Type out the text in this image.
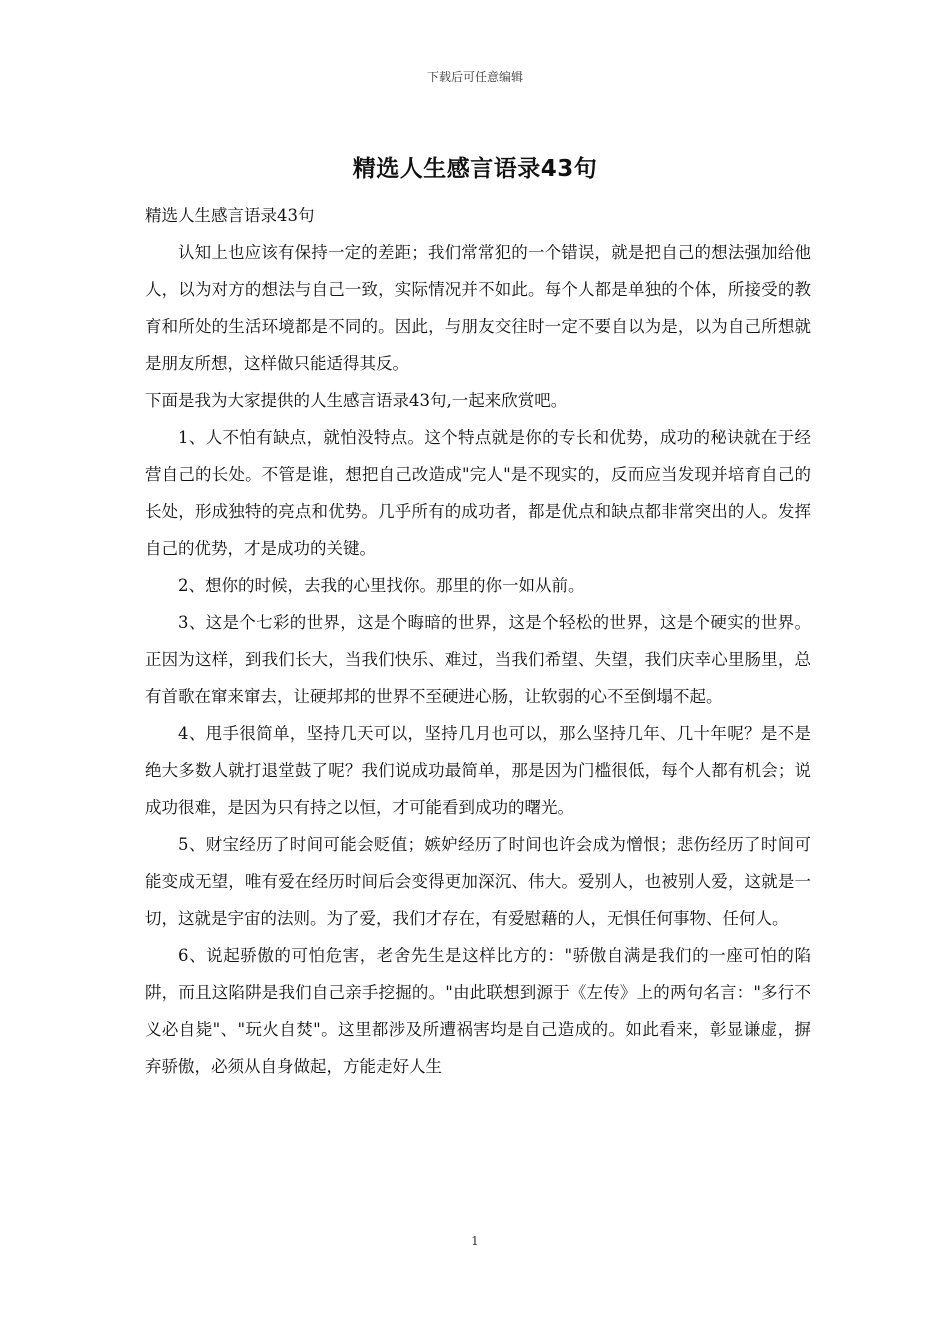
下载后可任意编辑
精选人生感言语录43句

精选人生感言语录43句

认知上也应该有保持一定的差距；我们常常犯的一个错误，就是把自己的想法强加给他人，以为对方的想法与自己一致，实际情况并不如此。每个人都是单独的个体，所接受的教育和所处的生活环境都是不同的。因此，与朋友交往时一定不要自以为是，以为自己所想就是朋友所想，这样做只能适得其反。

下面是我为大家提供的人生感言语录43句,一起来欣赏吧。

1、人不怕有缺点，就怕没特点。这个特点就是你的专长和优势，成功的秘诀就在于经营自己的长处。不管是谁，想把自己改造成"完人"是不现实的，反而应当发现并培育自己的长处，形成独特的亮点和优势。几乎所有的成功者，都是优点和缺点都非常突出的人。发挥自己的优势，才是成功的关键。

2、想你的时候，去我的心里找你。那里的你一如从前。

3、这是个七彩的世界，这是个晦暗的世界，这是个轻松的世界，这是个硬实的世界。正因为这样，到我们长大，当我们快乐、难过，当我们希望、失望，我们庆幸心里肠里，总有首歌在窜来窜去，让硬邦邦的世界不至硬进心肠，让软弱的心不至倒塌不起。

4、甩手很简单，坚持几天可以，坚持几月也可以，那么坚持几年、几十年呢？是不是绝大多数人就打退堂鼓了呢？我们说成功最简单，那是因为门槛很低，每个人都有机会；说成功很难，是因为只有持之以恒，才可能看到成功的曙光。

5、财宝经历了时间可能会贬值；嫉妒经历了时间也许会成为憎恨；悲伤经历了时间可能变成无望，唯有爱在经历时间后会变得更加深沉、伟大。爱别人，也被别人爱，这就是一切，这就是宇宙的法则。为了爱，我们才存在，有爱慰藉的人，无惧任何事物、任何人。

6、说起骄傲的可怕危害，老舍先生是这样比方的："骄傲自满是我们的一座可怕的陷阱，而且这陷阱是我们自己亲手挖掘的。"由此联想到源于《左传》上的两句名言："多行不义必自毙"、"玩火自焚"。这里都涉及所遭祸害均是自己造成的。如此看来，彰显谦虚，摒弃骄傲，必须从自身做起，方能走好人生

1
